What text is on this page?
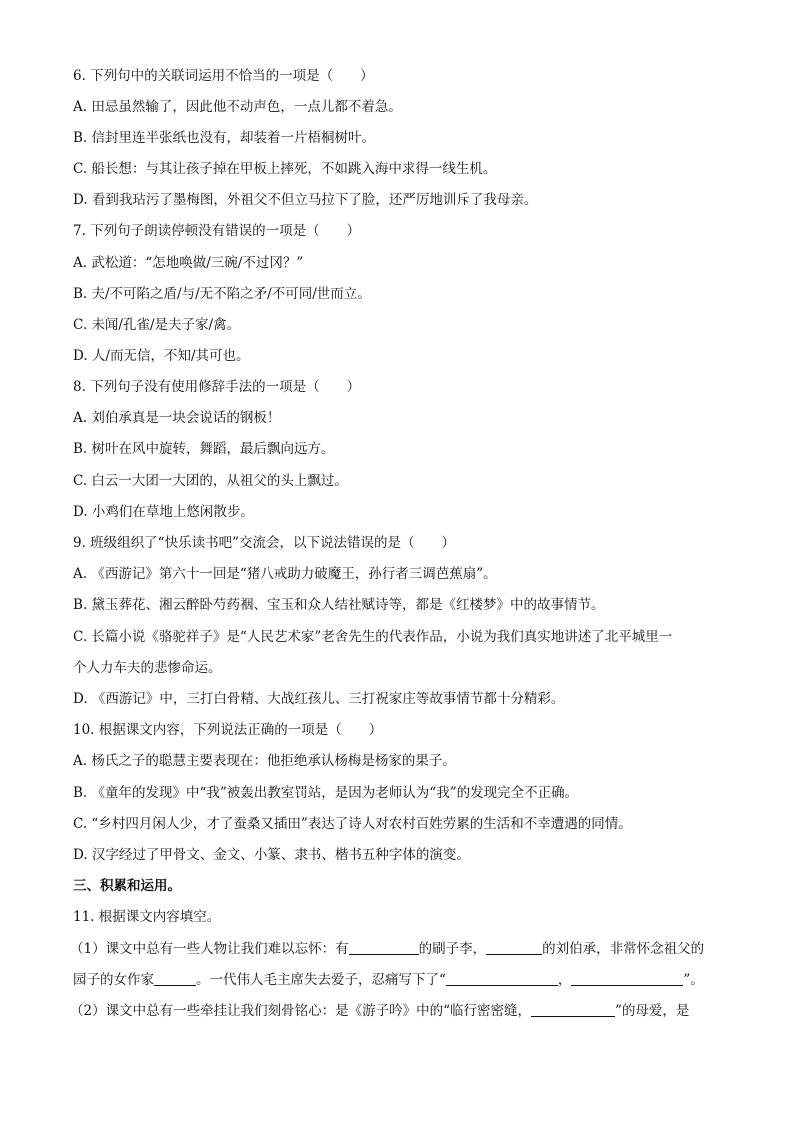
6. 下列句中的关联词运用不恰当的一项是（　　）
A. 田忌虽然输了，因此他不动声色，一点儿都不着急。
B. 信封里连半张纸也没有，却装着一片梧桐树叶。
C. 船长想：与其让孩子掉在甲板上摔死，不如跳入海中求得一线生机。
D. 看到我玷污了墨梅图，外祖父不但立马拉下了脸，还严厉地训斥了我母亲。
7. 下列句子朗读停顿没有错误的一项是（　　）
A. 武松道：“怎地唤做/三碗/不过冈？”
B. 夫/不可陷之盾/与/无不陷之矛/不可同/世而立。
C. 未闻/孔雀/是夫子家/禽。
D. 人/而无信，不知/其可也。
8. 下列句子没有使用修辞手法的一项是（　　）
A. 刘伯承真是一块会说话的钢板！
B. 树叶在风中旋转，舞蹈，最后飘向远方。
C. 白云一大团一大团的，从祖父的头上飘过。
D. 小鸡们在草地上悠闲散步。
9. 班级组织了“快乐读书吧”交流会，以下说法错误的是（　　）
A. 《西游记》第六十一回是“猪八戒助力破魔王，孙行者三调芭蕉扇”。
B. 黛玉葬花、湘云醉卧芍药裀、宝玉和众人结社赋诗等，都是《红楼梦》中的故事情节。
C. 长篇小说《骆驼祥子》是“人民艺术家”老舍先生的代表作品，小说为我们真实地讲述了北平城里一
个人力车夫的悲惨命运。
D. 《西游记》中，三打白骨精、大战红孩儿、三打祝家庄等故事情节都十分精彩。
10. 根据课文内容，下列说法正确的一项是（　　）
A. 杨氏之子的聪慧主要表现在：他拒绝承认杨梅是杨家的果子。
B. 《童年的发现》中“我”被轰出教室罚站，是因为老师认为“我”的发现完全不正确。
C. “乡村四月闲人少，才了蚕桑又插田”表达了诗人对农村百姓劳累的生活和不幸遭遇的同情。
D. 汉字经过了甲骨文、金文、小篆、隶书、楷书五种字体的演变。
三、积累和运用。
11. 根据课文内容填空。
（1）课文中总有一些人物让我们难以忘怀：有	的刷子李，	的刘伯承，非常怀念祖父的
园子的女作家	。一代伟人毛主席失去爱子，忍痛写下了“	，	”。
（2）课文中总有一些牵挂让我们刻骨铭心：是《游子吟》中的“临行密密缝，	”的母爱，是
